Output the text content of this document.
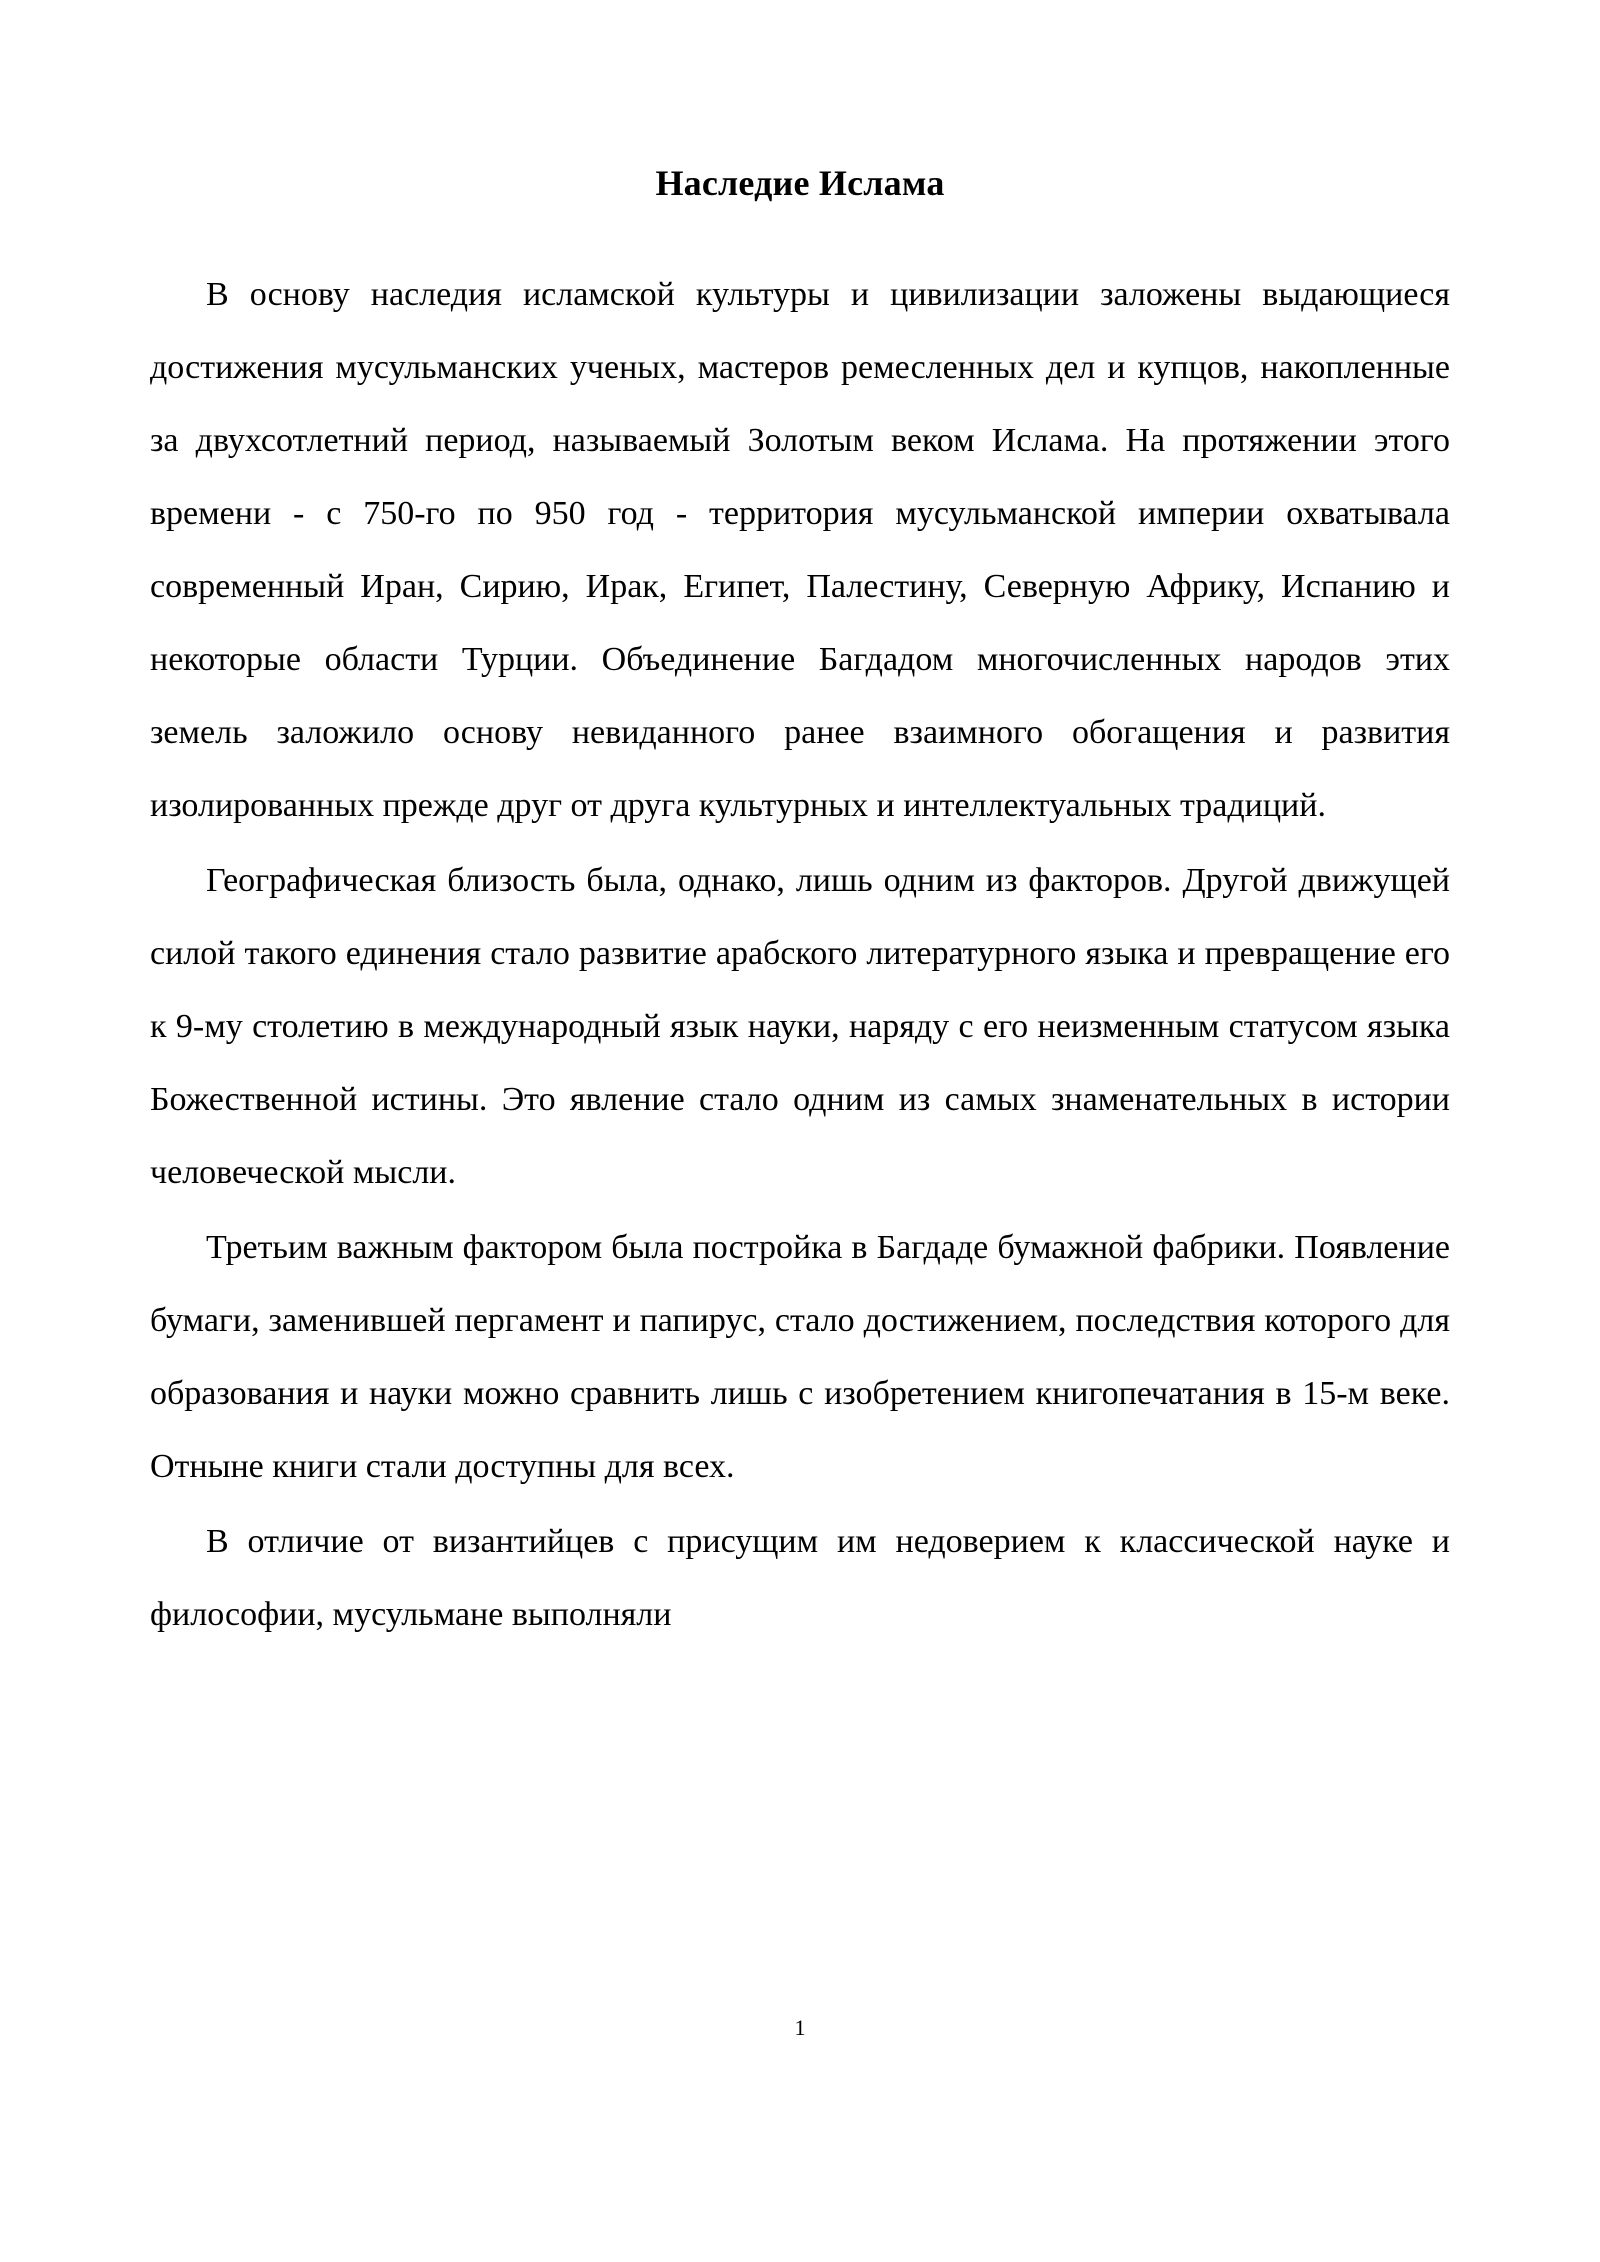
Наследие Ислама

В основу наследия исламской культуры и цивилизации заложены выдающиеся достижения мусульманских ученых, мастеров ремесленных дел и купцов, накопленные за двухсотлетний период, называемый Золотым веком Ислама. На протяжении этого времени - с 750-го по 950 год - территория мусульманской империи охватывала современный Иран, Сирию, Ирак, Египет, Палестину, Северную Африку, Испанию и некоторые области Турции. Объединение Багдадом многочисленных народов этих земель заложило основу невиданного ранее взаимного обогащения и развития изолированных прежде друг от друга культурных и интеллектуальных традиций.

Географическая близость была, однако, лишь одним из факторов. Другой движущей силой такого единения стало развитие арабского литературного языка и превращение его к 9-му столетию в международный язык науки, наряду с его неизменным статусом языка Божественной истины. Это явление стало одним из самых знаменательных в истории человеческой мысли.

Третьим важным фактором была постройка в Багдаде бумажной фабрики. Появление бумаги, заменившей пергамент и папирус, стало достижением, последствия которого для образования и науки можно сравнить лишь с изобретением книгопечатания в 15-м веке. Отныне книги стали доступны для всех.

В отличие от византийцев с присущим им недоверием к классической науке и философии, мусульмане выполняли

1
